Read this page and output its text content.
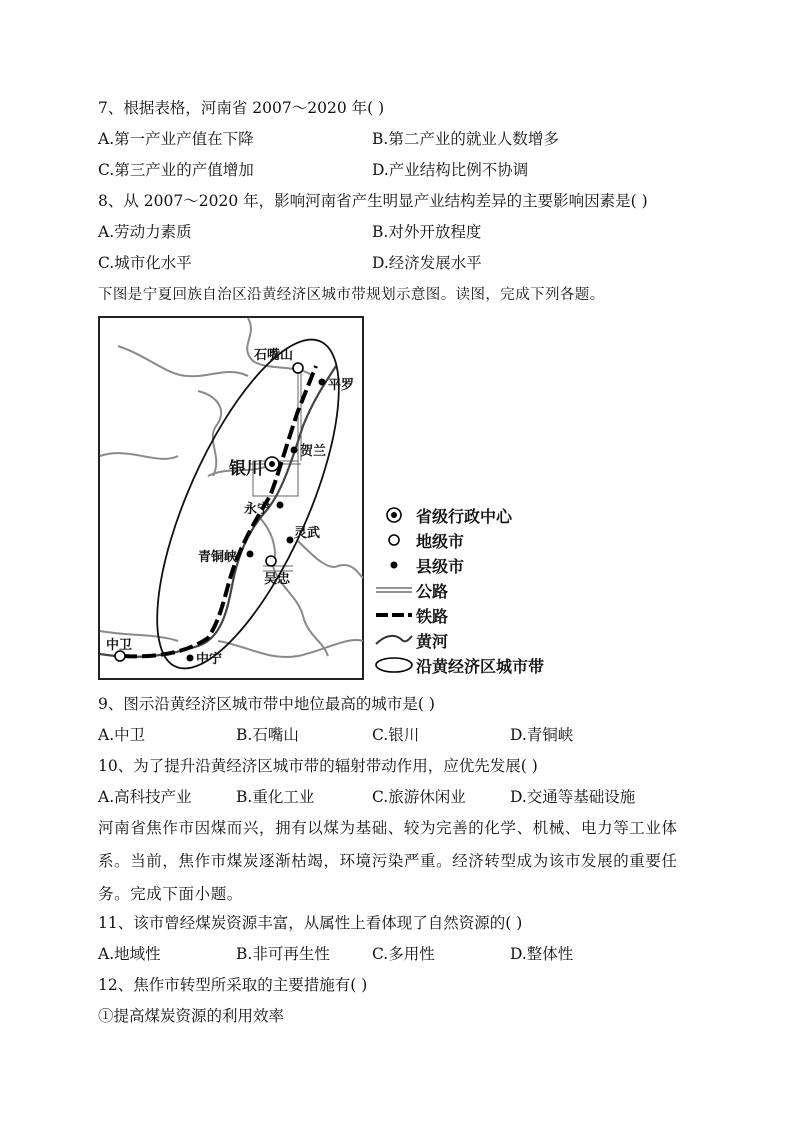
7、根据表格，河南省 2007～2020 年( )
A.第一产业产值在下降	B.第二产业的就业人数增多
C.第三产业的产值增加	D.产业结构比例不协调
8、从 2007～2020 年，影响河南省产生明显产业结构差异的主要影响因素是( )
A.劳动力素质	B.对外开放程度
C.城市化水平	D.经济发展水平
下图是宁夏回族自治区沿黄经济区城市带规划示意图。读图，完成下列各题。
石嘴山
平罗
贺兰
银川
永宁
灵武
青铜峡
吴忠
中卫
中宁
省级行政中心
地级市
县级市
公路
铁路
黄河
沿黄经济区城市带
9、图示沿黄经济区城市带中地位最高的城市是( )
A.中卫	B.石嘴山	C.银川	D.青铜峡
10、为了提升沿黄经济区城市带的辐射带动作用，应优先发展( )
A.高科技产业	B.重化工业	C.旅游休闲业	D.交通等基础设施
河南省焦作市因煤而兴，拥有以煤为基础、较为完善的化学、机械、电力等工业体系。当前，焦作市煤炭逐渐枯竭，环境污染严重。经济转型成为该市发展的重要任务。完成下面小题。
11、该市曾经煤炭资源丰富，从属性上看体现了自然资源的( )
A.地域性	B.非可再生性	C.多用性	D.整体性
12、焦作市转型所采取的主要措施有( )
①提高煤炭资源的利用效率
